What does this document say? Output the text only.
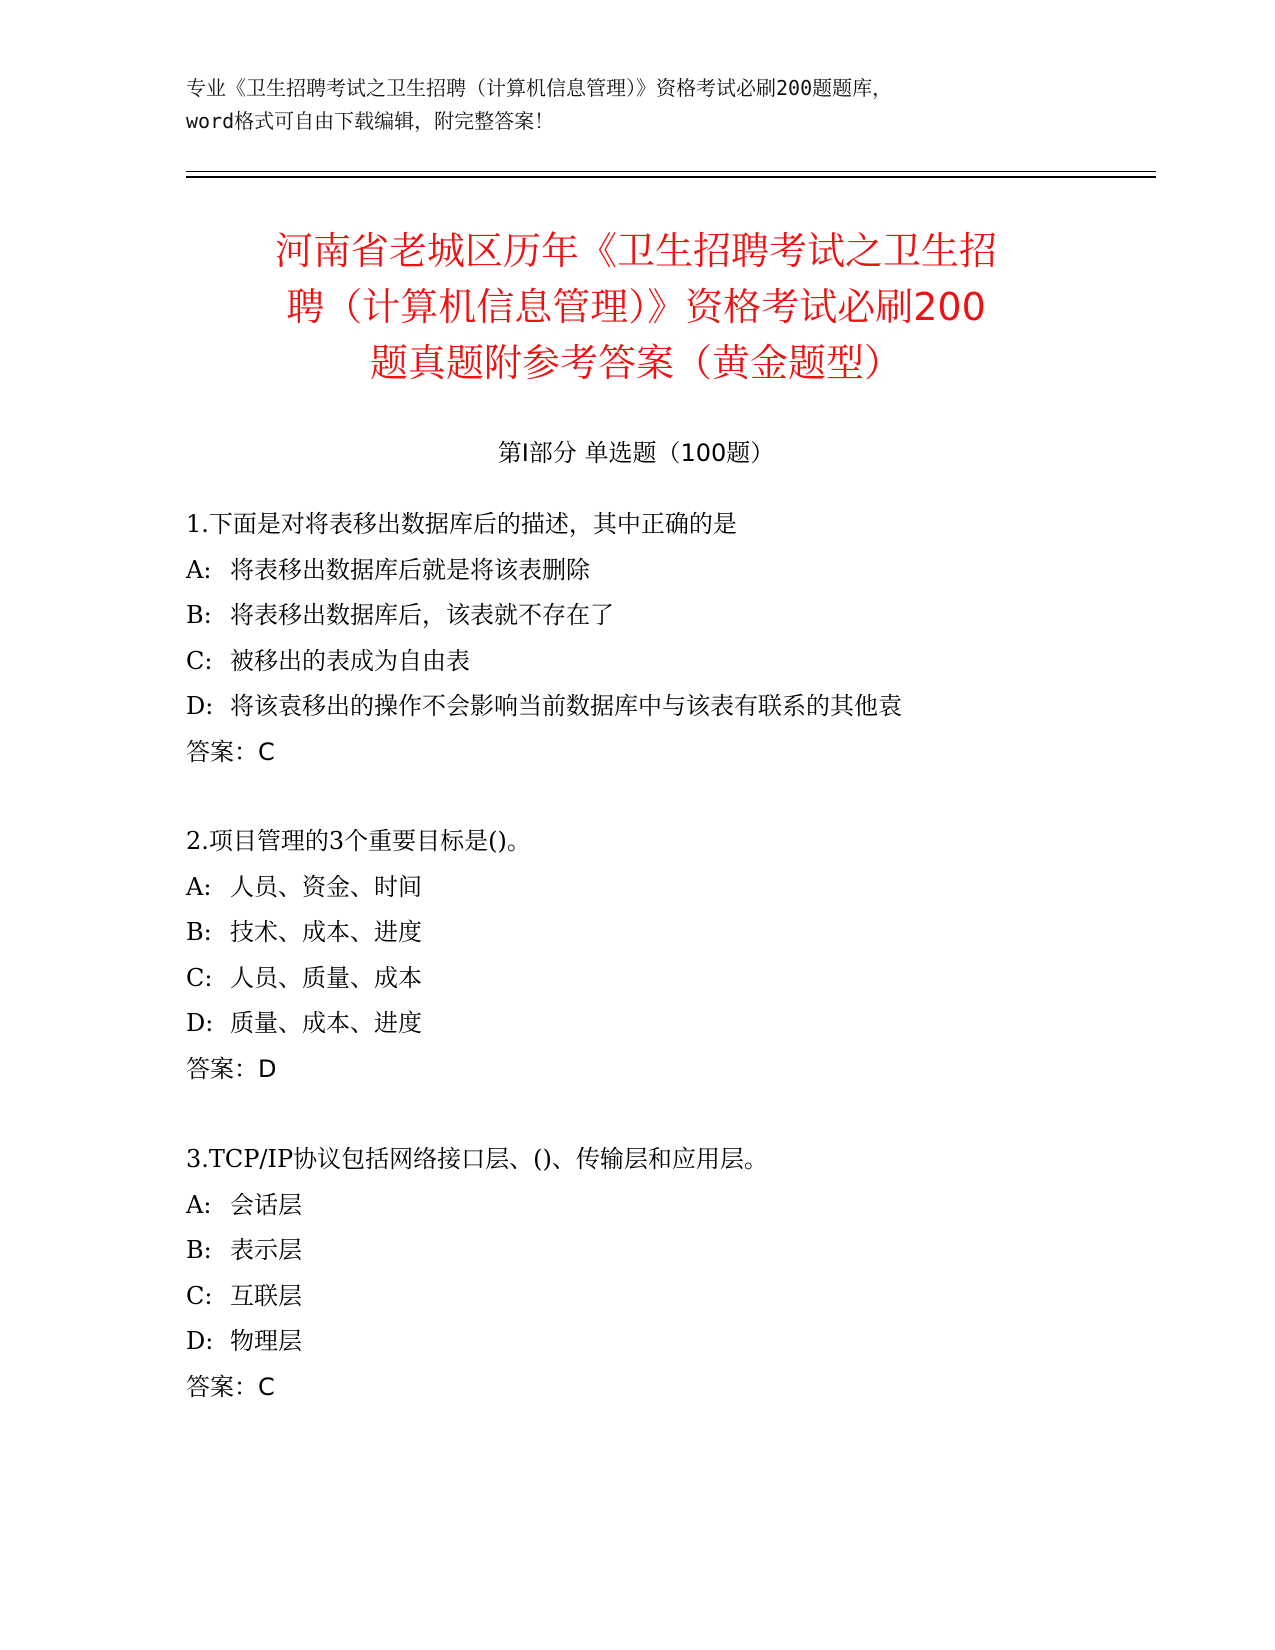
专业《卫生招聘考试之卫生招聘（计算机信息管理）》资格考试必刷200题题库，
word格式可自由下载编辑，附完整答案！
河南省老城区历年《卫生招聘考试之卫生招
聘（计算机信息管理）》资格考试必刷200
题真题附参考答案（黄金题型）
第I部分 单选题（100题）
1.下面是对将表移出数据库后的描述，其中正确的是
A: 将表移出数据库后就是将该表删除
B: 将表移出数据库后，该表就不存在了
C: 被移出的表成为自由表
D: 将该袁移出的操作不会影响当前数据库中与该表有联系的其他袁
答案：C
2.项目管理的3个重要目标是()。
A: 人员、资金、时间
B: 技术、成本、进度
C: 人员、质量、成本
D: 质量、成本、进度
答案：D
3.TCP/IP协议包括网络接口层、()、传输层和应用层。
A: 会话层
B: 表示层
C: 互联层
D: 物理层
答案：C
